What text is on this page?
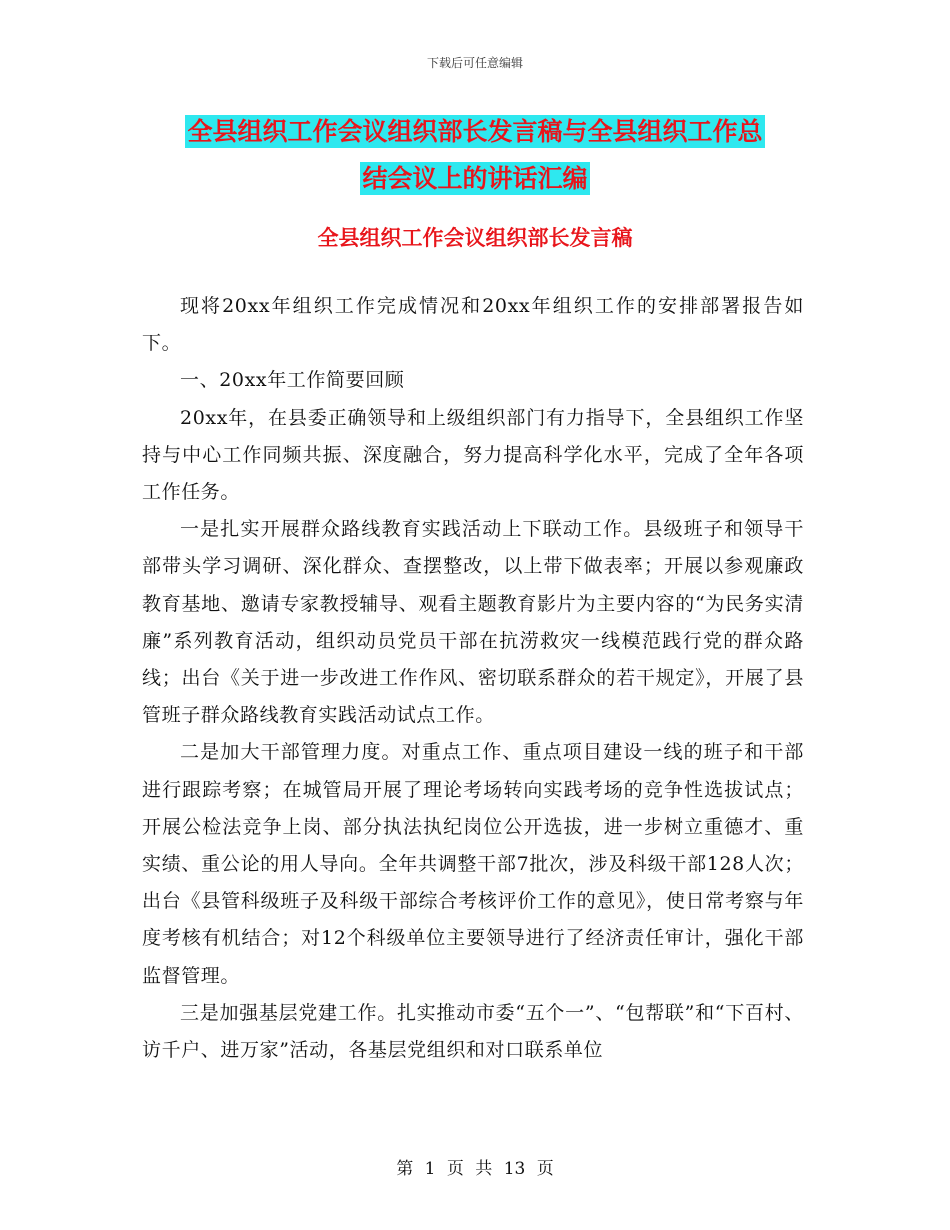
下载后可任意编辑
全县组织工作会议组织部长发言稿与全县组织工作总
结会议上的讲话汇编
全县组织工作会议组织部长发言稿

现将20xx年组织工作完成情况和20xx年组织工作的安排部署报告如下。

一、20xx年工作简要回顾

20xx年，在县委正确领导和上级组织部门有力指导下，全县组织工作坚持与中心工作同频共振、深度融合，努力提高科学化水平，完成了全年各项工作任务。

一是扎实开展群众路线教育实践活动上下联动工作。县级班子和领导干部带头学习调研、深化群众、查摆整改，以上带下做表率；开展以参观廉政教育基地、邀请专家教授辅导、观看主题教育影片为主要内容的“为民务实清廉”系列教育活动，组织动员党员干部在抗涝救灾一线模范践行党的群众路线；出台《关于进一步改进工作作风、密切联系群众的若干规定》，开展了县管班子群众路线教育实践活动试点工作。

二是加大干部管理力度。对重点工作、重点项目建设一线的班子和干部进行跟踪考察；在城管局开展了理论考场转向实践考场的竞争性选拔试点；开展公检法竞争上岗、部分执法执纪岗位公开选拔，进一步树立重德才、重实绩、重公论的用人导向。全年共调整干部7批次，涉及科级干部128人次；出台《县管科级班子及科级干部综合考核评价工作的意见》，使日常考察与年度考核有机结合；对12个科级单位主要领导进行了经济责任审计，强化干部监督管理。

三是加强基层党建工作。扎实推动市委“五个一”、“包帮联”和“下百村、访千户、进万家”活动，各基层党组织和对口联系单位

第 1 页 共 13 页
